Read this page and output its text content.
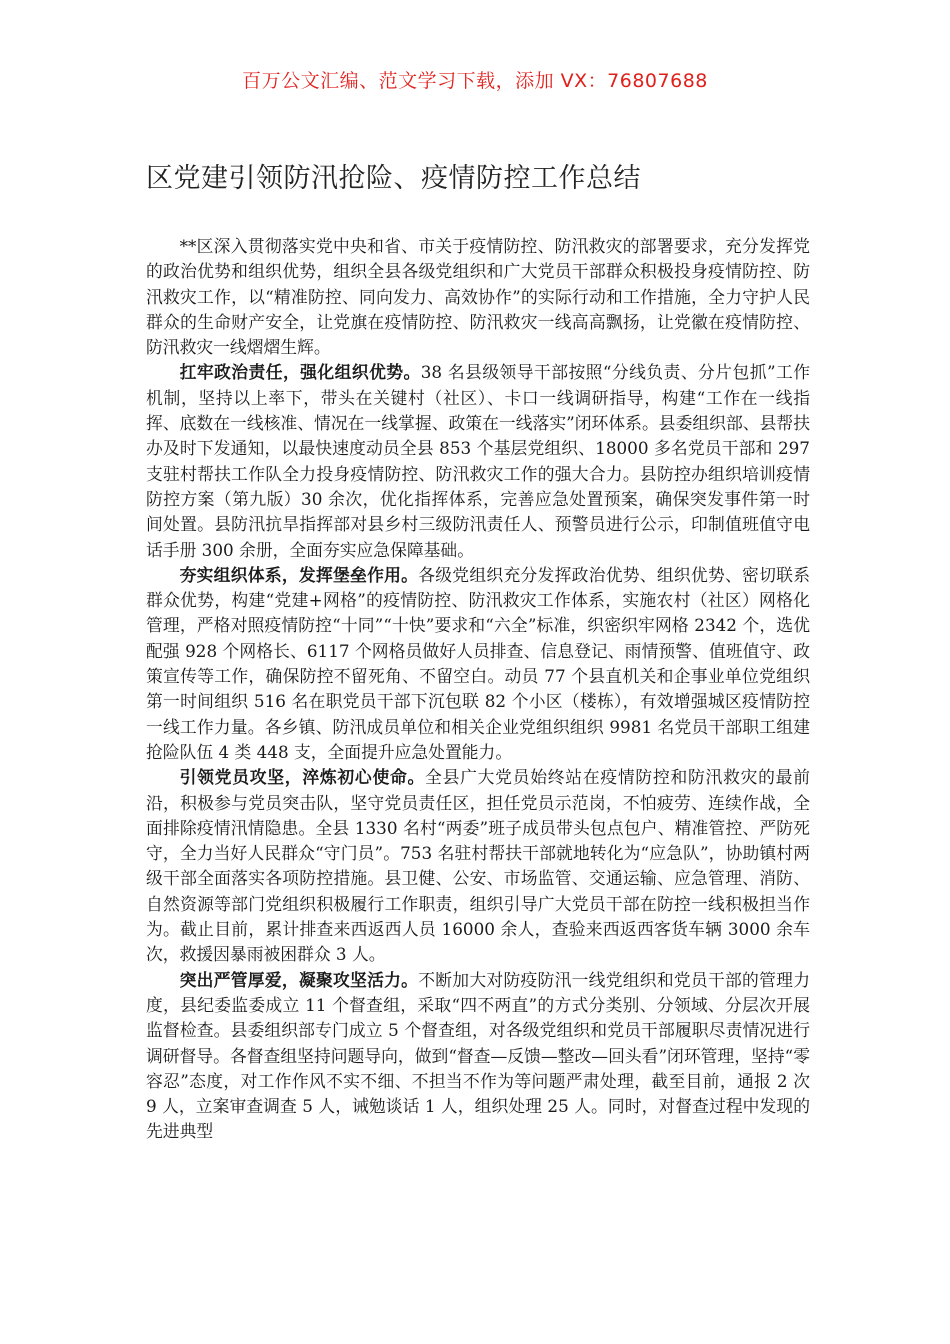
百万公文汇编、范文学习下载，添加 VX：76807688
区党建引领防汛抢险、疫情防控工作总结

**区深入贯彻落实党中央和省、市关于疫情防控、防汛救灾的部署要求，充分发挥党的政治优势和组织优势，组织全县各级党组织和广大党员干部群众积极投身疫情防控、防汛救灾工作，以“精准防控、同向发力、高效协作”的实际行动和工作措施，全力守护人民群众的生命财产安全，让党旗在疫情防控、防汛救灾一线高高飘扬，让党徽在疫情防控、防汛救灾一线熠熠生辉。

扛牢政治责任，强化组织优势。38 名县级领导干部按照“分线负责、分片包抓”工作机制，坚持以上率下，带头在关键村（社区）、卡口一线调研指导，构建“工作在一线指挥、底数在一线核准、情况在一线掌握、政策在一线落实”闭环体系。县委组织部、县帮扶办及时下发通知，以最快速度动员全县 853 个基层党组织、18000 多名党员干部和 297 支驻村帮扶工作队全力投身疫情防控、防汛救灾工作的强大合力。县防控办组织培训疫情防控方案（第九版）30 余次，优化指挥体系，完善应急处置预案，确保突发事件第一时间处置。县防汛抗旱指挥部对县乡村三级防汛责任人、预警员进行公示，印制值班值守电话手册 300 余册，全面夯实应急保障基础。

夯实组织体系，发挥堡垒作用。各级党组织充分发挥政治优势、组织优势、密切联系群众优势，构建“党建+网格”的疫情防控、防汛救灾工作体系，实施农村（社区）网格化管理，严格对照疫情防控“十同”“十快”要求和“六全”标准，织密织牢网格 2342 个，选优配强 928 个网格长、6117 个网格员做好人员排查、信息登记、雨情预警、值班值守、政策宣传等工作，确保防控不留死角、不留空白。动员 77 个县直机关和企事业单位党组织第一时间组织 516 名在职党员干部下沉包联 82 个小区（楼栋），有效增强城区疫情防控一线工作力量。各乡镇、防汛成员单位和相关企业党组织组织 9981 名党员干部职工组建抢险队伍 4 类 448 支，全面提升应急处置能力。

引领党员攻坚，淬炼初心使命。全县广大党员始终站在疫情防控和防汛救灾的最前沿，积极参与党员突击队，坚守党员责任区，担任党员示范岗，不怕疲劳、连续作战，全面排除疫情汛情隐患。全县 1330 名村“两委”班子成员带头包点包户、精准管控、严防死守，全力当好人民群众“守门员”。753 名驻村帮扶干部就地转化为“应急队”，协助镇村两级干部全面落实各项防控措施。县卫健、公安、市场监管、交通运输、应急管理、消防、自然资源等部门党组织积极履行工作职责，组织引导广大党员干部在防控一线积极担当作为。截止目前，累计排查来西返西人员 16000 余人，查验来西返西客货车辆 3000 余车次，救援因暴雨被困群众 3 人。

突出严管厚爱，凝聚攻坚活力。不断加大对防疫防汛一线党组织和党员干部的管理力度，县纪委监委成立 11 个督查组，采取“四不两直”的方式分类别、分领域、分层次开展监督检查。县委组织部专门成立 5 个督查组，对各级党组织和党员干部履职尽责情况进行调研督导。各督查组坚持问题导向，做到“督查—反馈—整改—回头看”闭环管理，坚持“零容忍”态度，对工作作风不实不细、不担当不作为等问题严肃处理，截至目前，通报 2 次 9 人，立案审查调查 5 人，诫勉谈话 1 人，组织处理 25 人。同时，对督查过程中发现的先进典型
